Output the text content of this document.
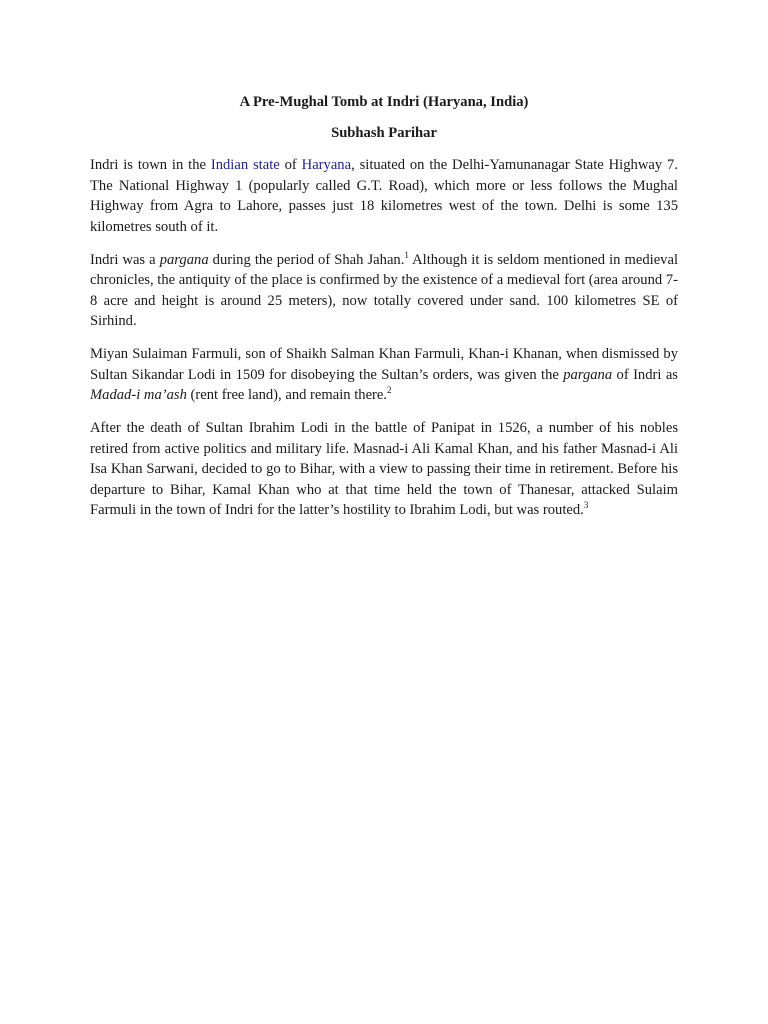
A Pre-Mughal Tomb at Indri (Haryana, India)
Subhash Parihar

Indri is town in the Indian state of Haryana, situated on the Delhi-Yamunanagar State Highway 7. The National Highway 1 (popularly called G.T. Road), which more or less follows the Mughal Highway from Agra to Lahore, passes just 18 kilometres west of the town. Delhi is some 135 kilometres south of it.

Indri was a pargana during the period of Shah Jahan.$^1$ Although it is seldom mentioned in medieval chronicles, the antiquity of the place is confirmed by the existence of a medieval fort (area around 7-8 acre and height is around 25 meters), now totally covered under sand. 100 kilometres SE of Sirhind.

Miyan Sulaiman Farmuli, son of Shaikh Salman Khan Farmuli, Khan-i Khanan, when dismissed by Sultan Sikandar Lodi in 1509 for disobeying the Sultan’s orders, was given the pargana of Indri as Madad-i ma’ash (rent free land), and remain there.$^2$

After the death of Sultan Ibrahim Lodi in the battle of Panipat in 1526, a number of his nobles retired from active politics and military life. Masnad-i Ali Kamal Khan, and his father Masnad-i Ali Isa Khan Sarwani, decided to go to Bihar, with a view to passing their time in retirement. Before his departure to Bihar, Kamal Khan who at that time held the town of Thanesar, attacked Sulaim Farmuli in the town of Indri for the latter’s hostility to Ibrahim Lodi, but was routed.$^3$
